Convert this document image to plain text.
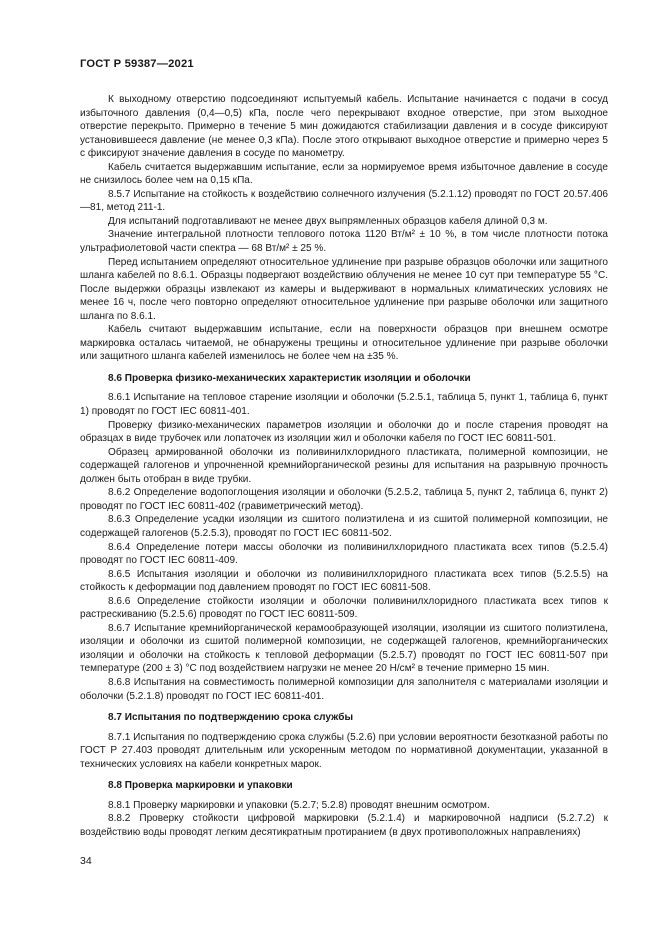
ГОСТ Р 59387—2021

К выходному отверстию подсоединяют испытуемый кабель. Испытание начинается с подачи в сосуд избыточного давления (0,4—0,5) кПа, после чего перекрывают входное отверстие, при этом выходное отверстие перекрыто. Примерно в течение 5 мин дожидаются стабилизации давления и в сосуде фиксируют установившееся давление (не менее 0,3 кПа). После этого открывают выходное отверстие и примерно через 5 с фиксируют значение давления в сосуде по манометру.

Кабель считается выдержавшим испытание, если за нормируемое время избыточное давление в сосуде не снизилось более чем на 0,15 кПа.

8.5.7 Испытание на стойкость к воздействию солнечного излучения (5.2.1.12) проводят по ГОСТ 20.57.406—81, метод 211-1.

Для испытаний подготавливают не менее двух выпрямленных образцов кабеля длиной 0,3 м.

Значение интегральной плотности теплового потока 1120 Вт/м² ± 10 %, в том числе плотности потока ультрафиолетовой части спектра — 68 Вт/м² ± 25 %.

Перед испытанием определяют относительное удлинение при разрыве образцов оболочки или защитного шланга кабелей по 8.6.1. Образцы подвергают воздействию облучения не менее 10 сут при температуре 55 °С. После выдержки образцы извлекают из камеры и выдерживают в нормальных климатических условиях не менее 16 ч, после чего повторно определяют относительное удлинение при разрыве оболочки или защитного шланга по 8.6.1.

Кабель считают выдержавшим испытание, если на поверхности образцов при внешнем осмотре маркировка осталась читаемой, не обнаружены трещины и относительное удлинение при разрыве оболочки или защитного шланга кабелей изменилось не более чем на ±35 %.

8.6 Проверка физико-механических характеристик изоляции и оболочки

8.6.1 Испытание на тепловое старение изоляции и оболочки (5.2.5.1, таблица 5, пункт 1, таблица 6, пункт 1) проводят по ГОСТ IEC 60811-401.

Проверку физико-механических параметров изоляции и оболочки до и после старения проводят на образцах в виде трубочек или лопаточек из изоляции жил и оболочки кабеля по ГОСТ IEC 60811-501.

Образец армированной оболочки из поливинилхлоридного пластиката, полимерной композиции, не содержащей галогенов и упрочненной кремнийорганической резины для испытания на разрывную прочность должен быть отобран в виде трубки.

8.6.2 Определение водопоглощения изоляции и оболочки (5.2.5.2, таблица 5, пункт 2, таблица 6, пункт 2) проводят по ГОСТ IEC 60811-402 (гравиметрический метод).

8.6.3 Определение усадки изоляции из сшитого полиэтилена и из сшитой полимерной композиции, не содержащей галогенов (5.2.5.3), проводят по ГОСТ IEC 60811-502.

8.6.4 Определение потери массы оболочки из поливинилхлоридного пластиката всех типов (5.2.5.4) проводят по ГОСТ IEC 60811-409.

8.6.5 Испытания изоляции и оболочки из поливинилхлоридного пластиката всех типов (5.2.5.5) на стойкость к деформации под давлением проводят по ГОСТ IEC 60811-508.

8.6.6 Определение стойкости изоляции и оболочки поливинилхлоридного пластиката всех типов к растрескиванию (5.2.5.6) проводят по ГОСТ IEC 60811-509.

8.6.7 Испытание кремнийорганической керамообразующей изоляции, изоляции из сшитого полиэтилена, изоляции и оболочки из сшитой полимерной композиции, не содержащей галогенов, кремнийорганических изоляции и оболочки на стойкость к тепловой деформации (5.2.5.7) проводят по ГОСТ IEC 60811-507 при температуре (200 ± 3) °С под воздействием нагрузки не менее 20 Н/см² в течение примерно 15 мин.

8.6.8 Испытания на совместимость полимерной композиции для заполнителя с материалами изоляции и оболочки (5.2.1.8) проводят по ГОСТ IEC 60811-401.

8.7 Испытания по подтверждению срока службы

8.7.1 Испытания по подтверждению срока службы (5.2.6) при условии вероятности безотказной работы по ГОСТ Р 27.403 проводят длительным или ускоренным методом по нормативной документации, указанной в технических условиях на кабели конкретных марок.

8.8 Проверка маркировки и упаковки

8.8.1 Проверку маркировки и упаковки (5.2.7; 5.2.8) проводят внешним осмотром.

8.8.2 Проверку стойкости цифровой маркировки (5.2.1.4) и маркировочной надписи (5.2.7.2) к воздействию воды проводят легким десятикратным протиранием (в двух противоположных направлениях)

34
